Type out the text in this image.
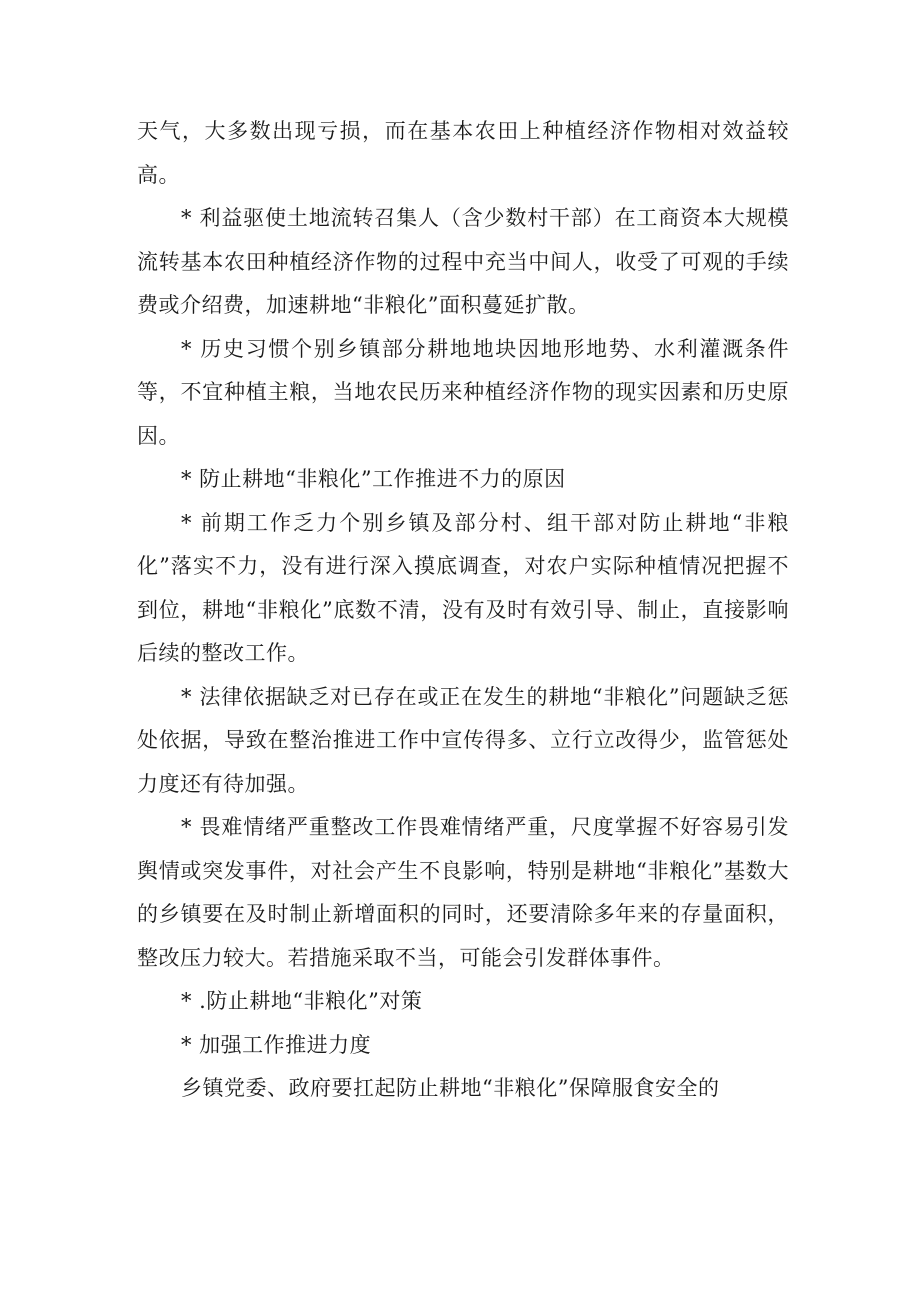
天气，大多数出现亏损，而在基本农田上种植经济作物相对效益较高。

* 利益驱使土地流转召集人（含少数村干部）在工商资本大规模流转基本农田种植经济作物的过程中充当中间人，收受了可观的手续费或介绍费，加速耕地“非粮化”面积蔓延扩散。

* 历史习惯个别乡镇部分耕地地块因地形地势、水利灌溉条件等，不宜种植主粮，当地农民历来种植经济作物的现实因素和历史原因。

* 防止耕地“非粮化”工作推进不力的原因

* 前期工作乏力个别乡镇及部分村、组干部对防止耕地“非粮化”落实不力，没有进行深入摸底调查，对农户实际种植情况把握不到位，耕地“非粮化”底数不清，没有及时有效引导、制止，直接影响后续的整改工作。

* 法律依据缺乏对已存在或正在发生的耕地“非粮化”问题缺乏惩处依据，导致在整治推进工作中宣传得多、立行立改得少，监管惩处力度还有待加强。

* 畏难情绪严重整改工作畏难情绪严重，尺度掌握不好容易引发舆情或突发事件，对社会产生不良影响，特别是耕地“非粮化”基数大的乡镇要在及时制止新增面积的同时，还要清除多年来的存量面积，整改压力较大。若措施采取不当，可能会引发群体事件。

* .防止耕地“非粮化”对策

* 加强工作推进力度

乡镇党委、政府要扛起防止耕地“非粮化”保障服食安全的
